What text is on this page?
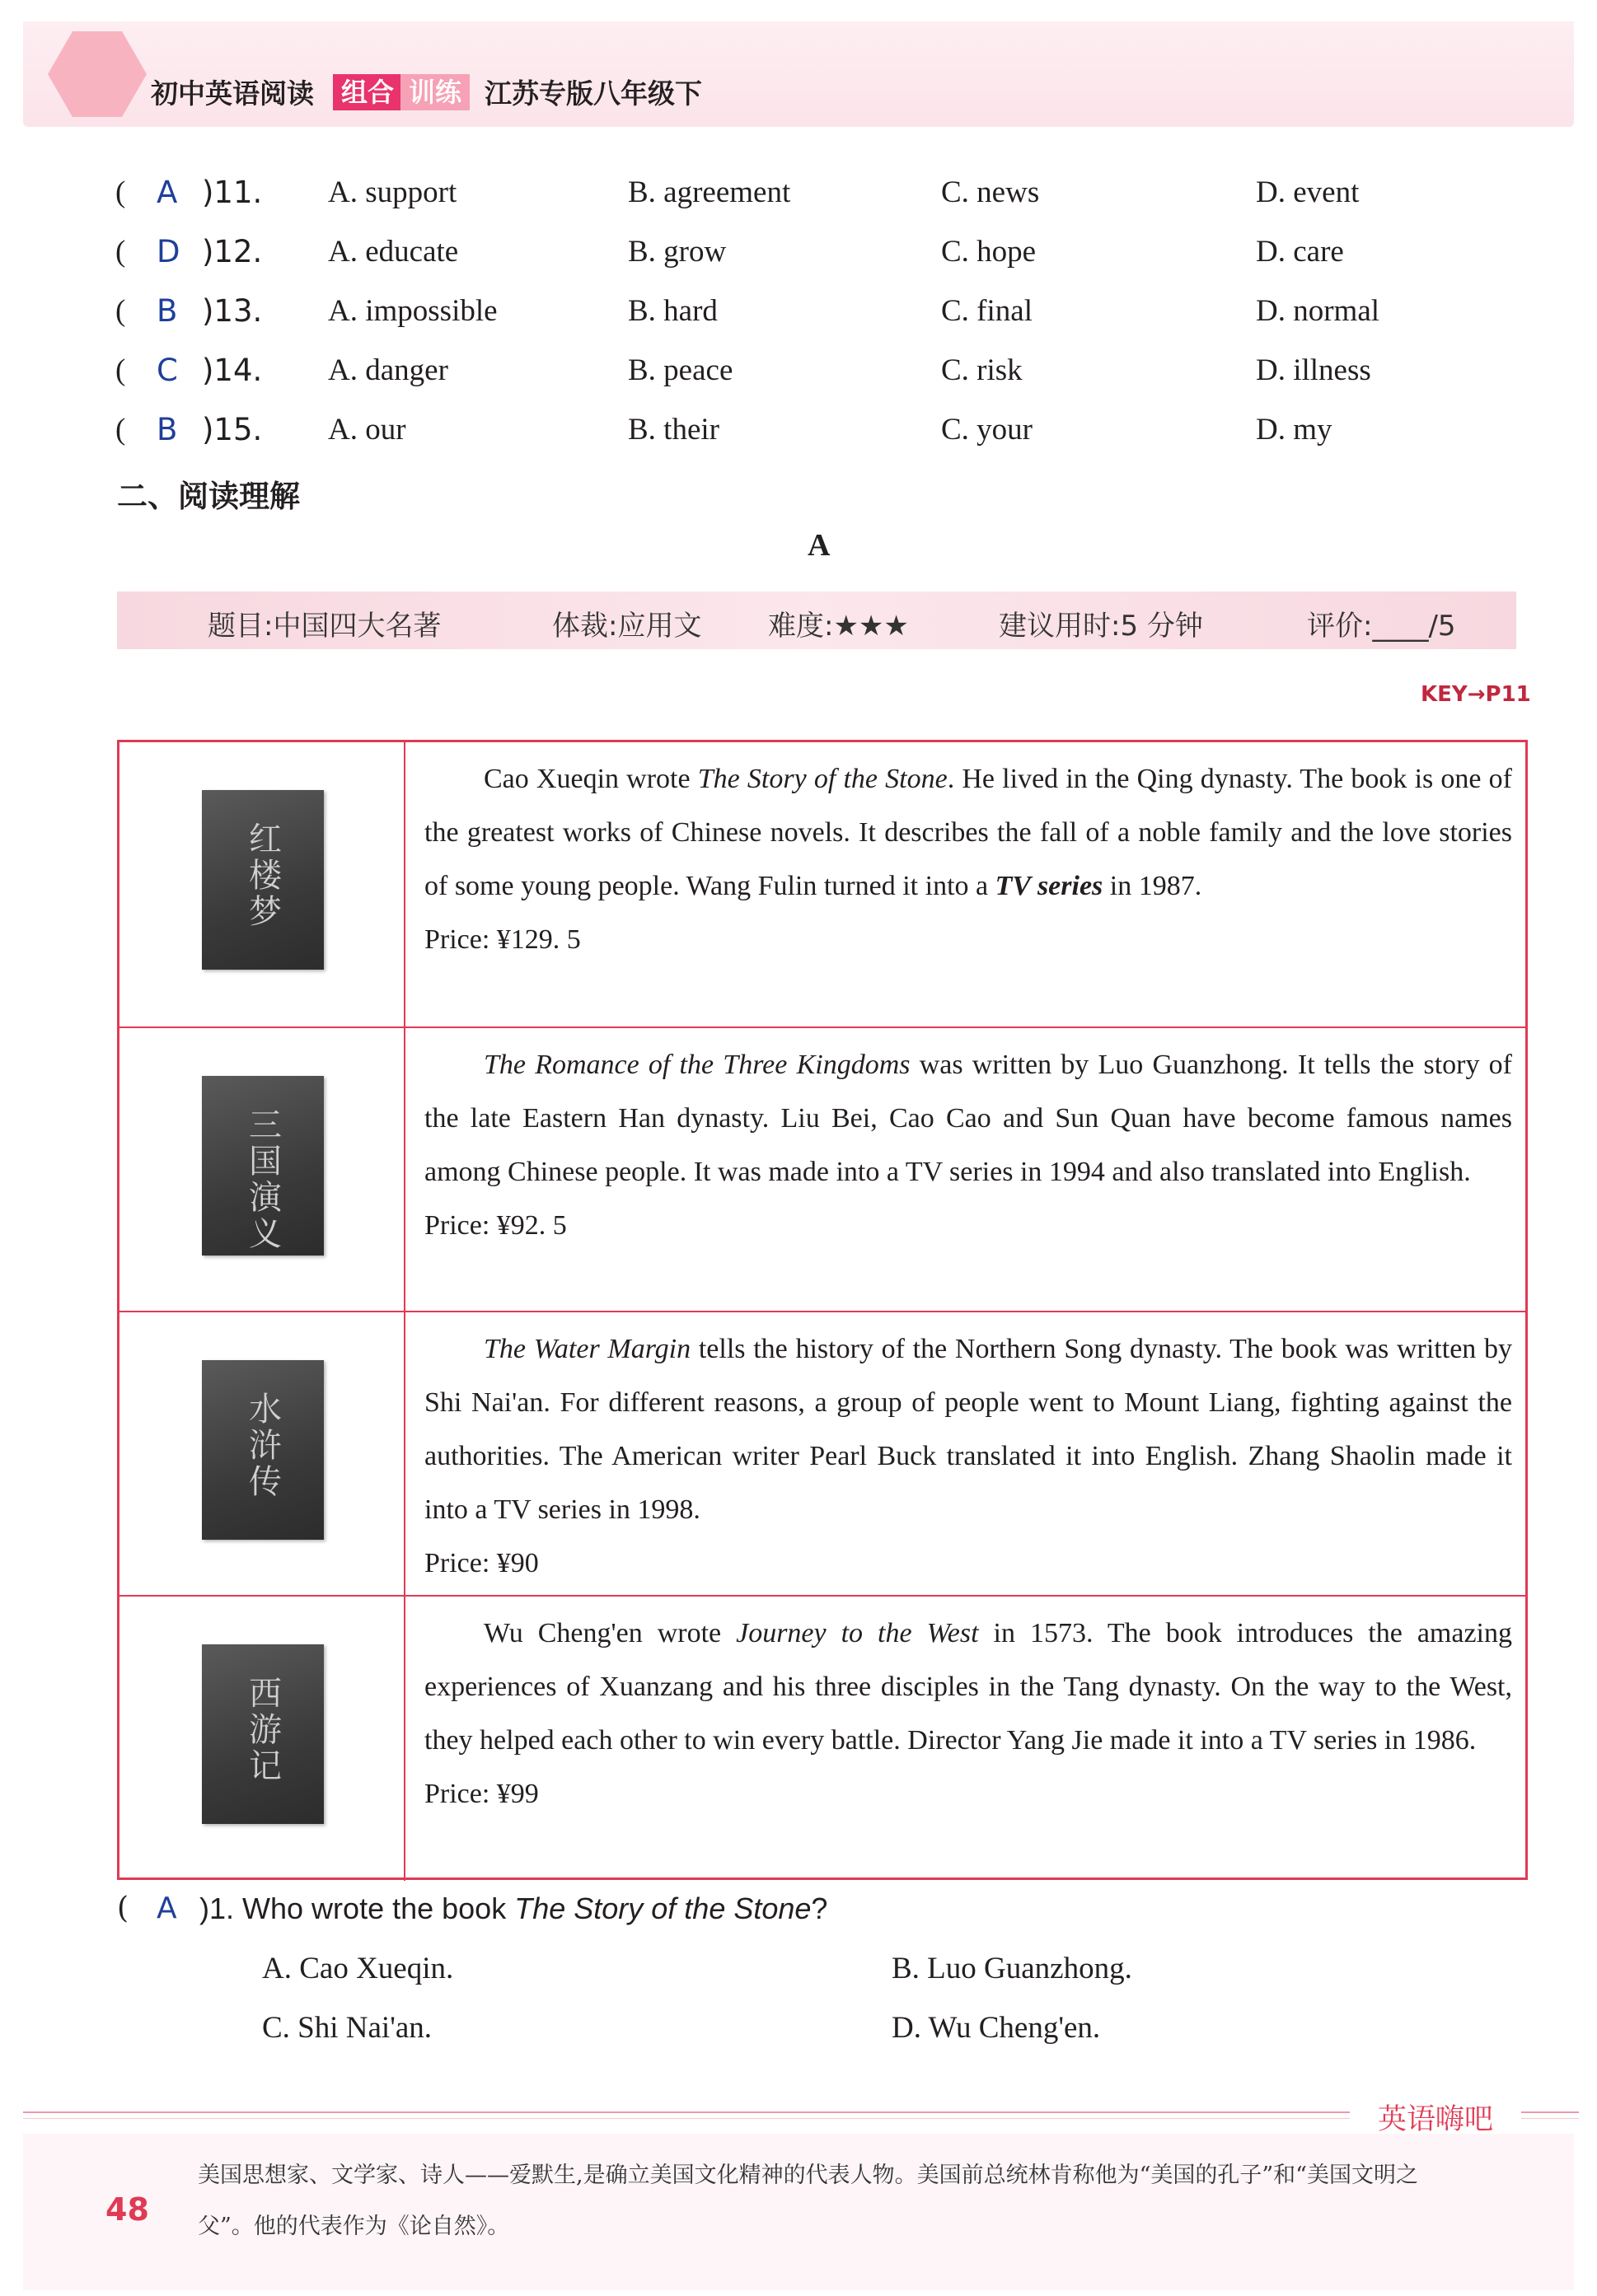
初中英语阅读	组合 训练 江苏专版八年级下
( A )11. A. support	B. agreement	C. news	D. event
( D )12. A. educate	B. grow	C. hope	D. care
( B )13. A. impossible	B. hard	C. final	D. normal
( C )14. A. danger	B. peace	C. risk	D. illness
( B )15. A. our	B. their	C. your	D. my
二、阅读理解
A
题目:中国四大名著	体裁:应用文 难度:★★★	建议用时:5 分钟	评价:____/5
KEY→P11
红楼梦

Cao Xueqin wrote The Story of the Stone. He lived in the Qing dynasty. The book is one of the greatest works of Chinese novels. It describes the fall of a noble family and the love stories of some young people. Wang Fulin turned it into a TV series in 1987.

Price: ¥129. 5

三国演义

The Romance of the Three Kingdoms was written by Luo Guanzhong. It tells the story of the late Eastern Han dynasty. Liu Bei, Cao Cao and Sun Quan have become famous names among Chinese people. It was made into a TV series in 1994 and also translated into English.

Price: ¥92. 5

水浒传

The Water Margin tells the history of the Northern Song dynasty. The book was written by Shi Nai'an. For different reasons, a group of people went to Mount Liang, fighting against the authorities. The American writer Pearl Buck translated it into English. Zhang Shaolin made it into a TV series in 1998.

Price: ¥90

西游记

Wu Cheng'en wrote Journey to the West in 1573. The book introduces the amazing experiences of Xuanzang and his three disciples in the Tang dynasty. On the way to the West, they helped each other to win every battle. Director Yang Jie made it into a TV series in 1986.

Price: ¥99

( A )1. Who wrote the book The Story of the Stone?
A. Cao Xueqin.	B. Luo Guanzhong.
C. Shi Nai'an.	D. Wu Cheng'en.
英语嗨吧
美国思想家、文学家、诗人——爱默生,是确立美国文化精神的代表人物。美国前总统林肯称他为“美国的孔子”和“美国文明之父”。他的代表作为《论自然》。
48
